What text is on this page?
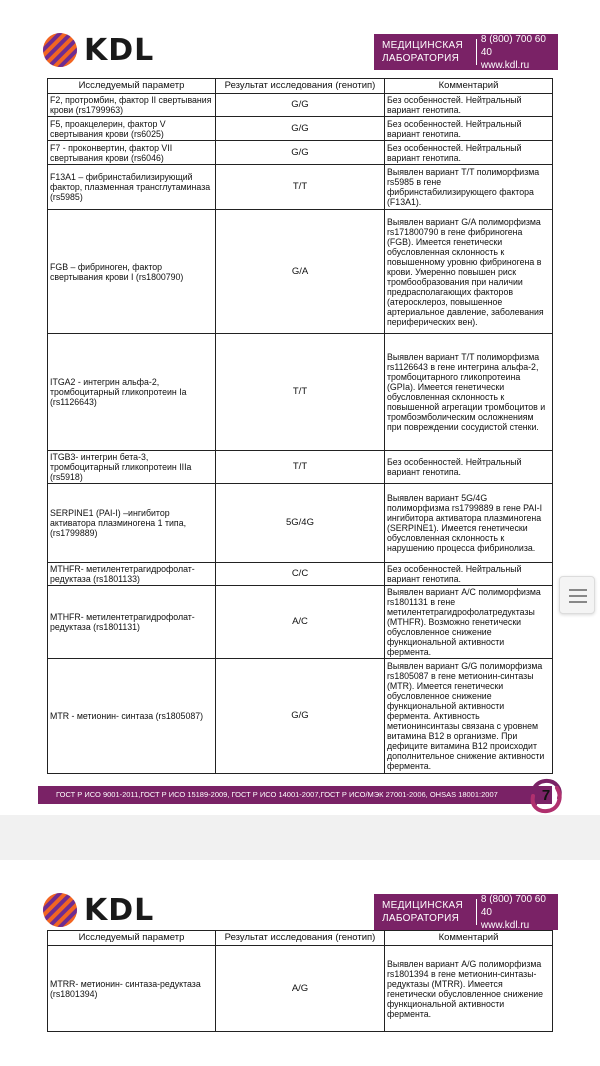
KDL	МЕДИЦИНСКАЯ
ЛАБОРАТОРИЯ
8 (800) 700 60 40
www.kdl.ru
Исследуемый параметр	Результат исследования (генотип)	Комментарий
F2, протромбин, фактор II свертывания крови (rs1799963)	G/G	Без особенностей. Нейтральный вариант генотипа.
F5, проакцелерин, фактор V свертывания крови (rs6025)	G/G	Без особенностей. Нейтральный вариант генотипа.
F7 - проконвертин, фактор VII свертывания крови (rs6046)	G/G	Без особенностей. Нейтральный вариант генотипа.
F13A1 – фибринстабилизирующий фактор, плазменная трансглутаминаза (rs5985)	T/T	Выявлен вариант T/T полиморфизма rs5985 в гене фибринстабилизирующего фактора (F13A1).
FGB – фибриноген, фактор свертывания крови I (rs1800790)	G/A	Выявлен вариант G/A полиморфизма rs171800790 в гене фибриногена (FGB). Имеется генетически обусловленная склонность к повышенному уровню фибриногена в крови. Умеренно повышен риск тромбообразования при наличии предрасполагающих факторов (атеросклероз, повышенное артериальное давление, заболевания периферических вен).
ITGA2 - интегрин альфа-2, тромбоцитарный гликопротеин Ia (rs1126643)	T/T	Выявлен вариант T/T полиморфизма rs1126643 в гене интегрина альфа-2, тромбоцитарного гликопротеина (GPIa). Имеется генетически обусловленная склонность к повышенной агрегации тромбоцитов и тромбоэмболическим осложнениям при повреждении сосудистой стенки.
ITGB3- интегрин бета-3, тромбоцитарный гликопротеин IIIa (rs5918)	T/T	Без особенностей. Нейтральный вариант генотипа.
SERPINE1 (PAI-I) –ингибитор активатора плазминогена 1 типа, (rs1799889)	5G/4G	Выявлен вариант 5G/4G полиморфизма rs1799889 в гене PAI-I ингибитора активатора плазминогена (SERPINE1). Имеется генетически обусловленная склонность к нарушению процесса фибринолиза.
MTHFR- метилентетрагидрофолат-редуктаза (rs1801133)	C/C	Без особенностей. Нейтральный вариант генотипа.
MTHFR- метилентетрагидрофолат-редуктаза (rs1801131)	A/C	Выявлен вариант A/C полиморфизма rs1801131 в гене метилентетрагидрофолатредуктазы (MTHFR). Возможно генетически обусловленное снижение функциональной активности фермента.
MTR - метионин- синтаза (rs1805087)	G/G	Выявлен вариант G/G полиморфизма rs1805087 в гене метионин-синтазы (MTR). Имеется генетически обусловленное снижение функциональной активности фермента. Активность метионинсинтазы связана с уровнем витамина B12 в организме. При дефиците витамина B12 происходит дополнительное снижение активности фермента.
ГОСТ Р ИСО 9001-2011,ГОСТ Р ИСО 15189-2009, ГОСТ Р ИСО 14001-2007,ГОСТ Р ИСО/МЭК 27001-2006, OHSAS 18001:2007	7
KDL	МЕДИЦИНСКАЯ
ЛАБОРАТОРИЯ
8 (800) 700 60 40
www.kdl.ru
Исследуемый параметр	Результат исследования (генотип)	Комментарий
MTRR- метионин- синтаза-редуктаза (rs1801394)	A/G	Выявлен вариант A/G полиморфизма rs1801394 в гене метионин-синтазы-редуктазы (MTRR). Имеется генетически обусловленное снижение функциональной активности фермента.
